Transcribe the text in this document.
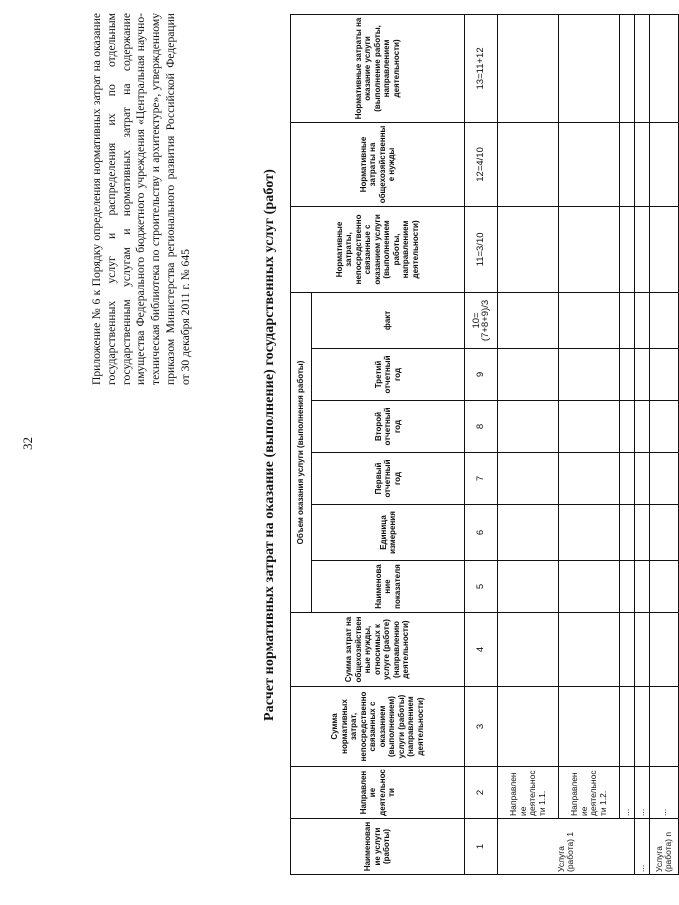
32
Приложение № 6 к Порядку определения нормативных затрат на оказание государственных услуг и распределения их по отдельным государственным услугам и нормативных затрат на содержание имущества Федерального бюджетного учреждения «Центральная научно-техническая библиотека по строительству и архитектуре», утвержденному приказом Министерства регионального развития Российской Федерации от 30 декабря 2011 г. № 645	Расчет нормативных затрат на оказание (выполнение) государственных услуг (работ)
Наименование услуги (работы)	Направление деятельности	Сумма нормативных затрат, непосредственно связанных с оказанием (выполнением) услуги (работы) (направлением деятельности)	Сумма затрат на общехозяйственные нужды, относимых к услуге (работе) (направлению деятельности)	Объем оказания услуги (выполнения работы)						Нормативные затраты, непосредственно связанные с оказанием услуги (выполнением работы, направлением деятельности)	Нормативные затраты на общехозяйственные нужды	Нормативные затраты на оказание услуги (выполнение работы, направлением деятельности)
				Наименование показателя	Единица измерения	Первый отчетный год	Второй отчетный год	Третий отчетный год	факт			
1	2	3	4	5	6	7	8	9	10=(7+8+9)/3	11=3/10	12=4/10	13=11+12
Услуга (работа) 1	Направление деятельности 1.1.											
	Направление деятельности 1.2.											
	...											
...	...											
Услуга (работа) n	...											
